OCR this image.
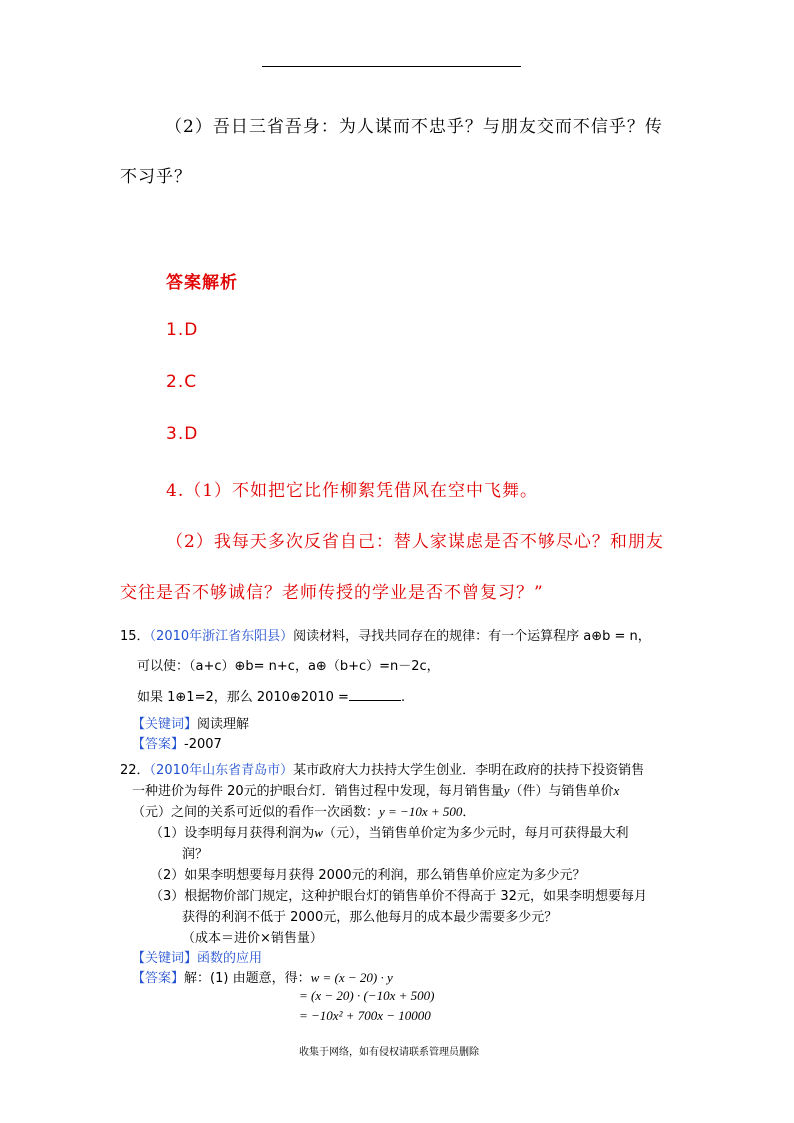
（2）吾日三省吾身：为人谋而不忠乎？与朋友交而不信乎？传
不习乎？
答案解析
1.D
2.C
3.D
4.（1）不如把它比作柳絮凭借风在空中飞舞。
（2）我每天多次反省自己：替人家谋虑是否不够尽心？和朋友
交往是否不够诚信？老师传授的学业是否不曾复习？”
15．（2010年浙江省东阳县）阅读材料，寻找共同存在的规律：有一个运算程序 a⊕b = n，
可以使：（a+c）⊕b= n+c，a⊕（b+c）=n－2c，
如果 1⊕1=2，那么 2010⊕2010 =	.
【关键词】阅读理解
【答案】-2007
22．（2010年山东省青岛市）某市政府大力扶持大学生创业．李明在政府的扶持下投资销售
一种进价为每件 20元的护眼台灯．销售过程中发现，每月销售量y（件）与销售单价x
（元）之间的关系可近似的看作一次函数：y = −10x + 500．
（1）设李明每月获得利润为w（元），当销售单价定为多少元时，每月可获得最大利
润？
（2）如果李明想要每月获得 2000元的利润，那么销售单价应定为多少元？
（3）根据物价部门规定，这种护眼台灯的销售单价不得高于 32元，如果李明想要每月
获得的利润不低于 2000元，那么他每月的成本最少需要多少元？
（成本＝进价×销售量）
【关键词】函数的应用
【答案】解：(1) 由题意，得：w = (x − 20) · y
= (x − 20) · (−10x + 500)
= −10x² + 700x − 10000
收集于网络，如有侵权请联系管理员删除
